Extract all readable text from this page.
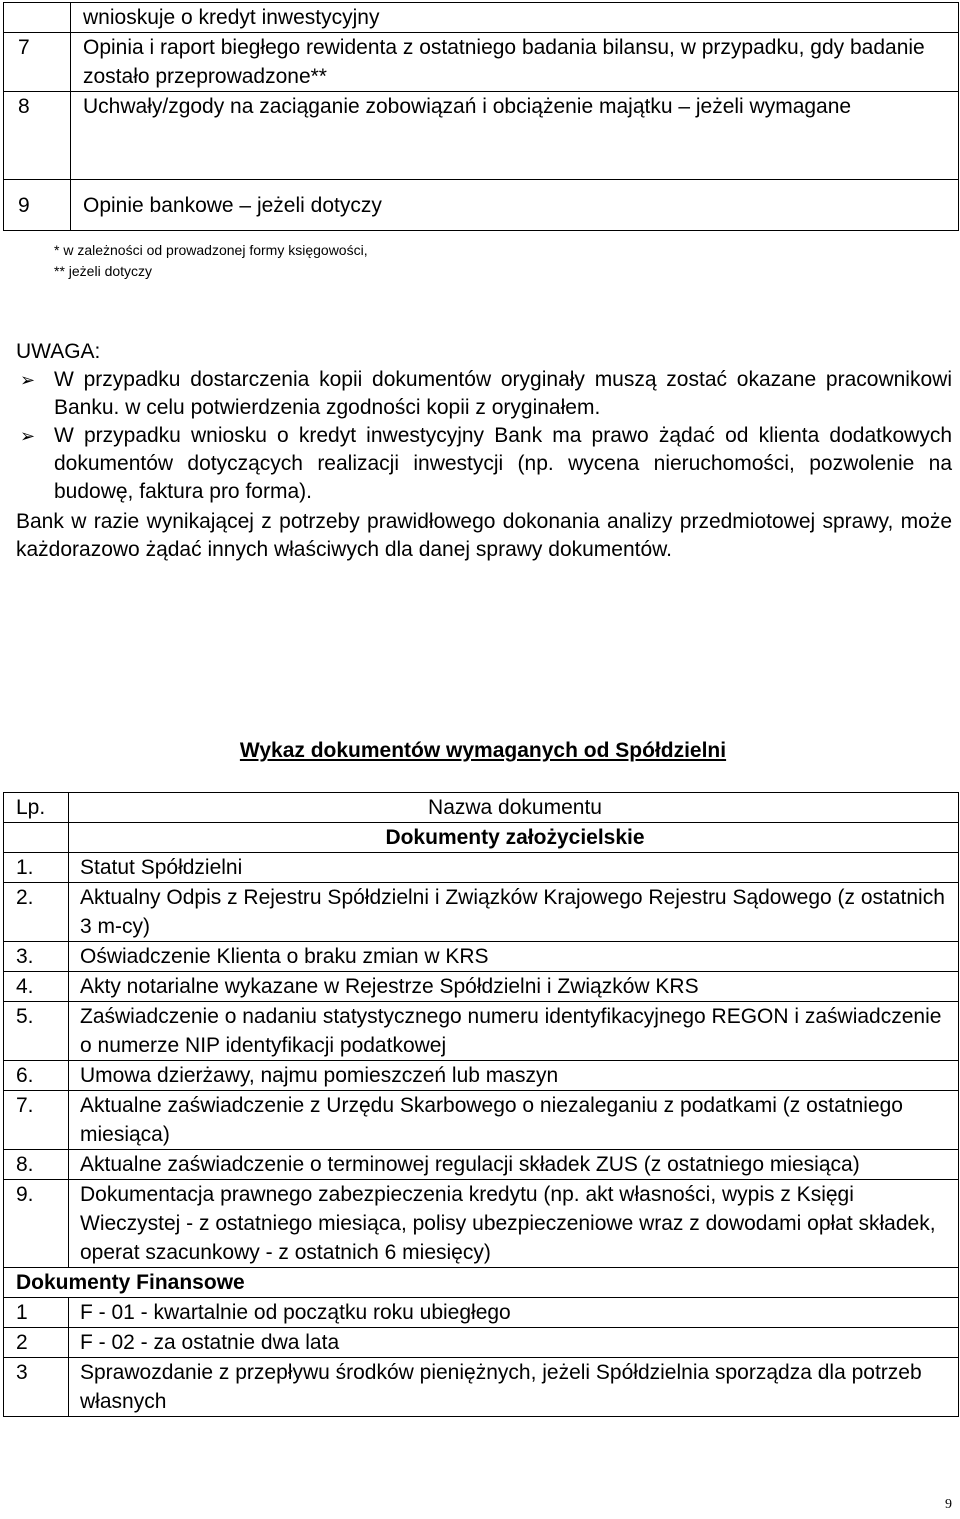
	wnioskuje o kredyt inwestycyjny
7	Opinia i raport biegłego rewidenta z ostatniego badania bilansu, w przypadku, gdy badanie zostało przeprowadzone**
8	Uchwały/zgody na zaciąganie zobowiązań i obciążenie majątku – jeżeli wymagane
9	Opinie bankowe – jeżeli dotyczy
* w zależności od prowadzonej formy księgowości,
** jeżeli dotyczy
UWAGA:
➢ W przypadku dostarczenia kopii dokumentów oryginały muszą zostać okazane pracownikowi Banku. w celu potwierdzenia zgodności kopii z oryginałem.
➢ W przypadku wniosku o kredyt inwestycyjny Bank ma prawo żądać od klienta dodatkowych dokumentów dotyczących realizacji inwestycji (np. wycena nieruchomości, pozwolenie na budowę, faktura pro forma).
Bank w razie wynikającej z potrzeby prawidłowego dokonania analizy przedmiotowej sprawy, może każdorazowo żądać innych właściwych dla danej sprawy dokumentów.
Wykaz dokumentów wymaganych od Spółdzielni
Lp.	Nazwa dokumentu
	Dokumenty założycielskie
1.	Statut Spółdzielni
2.	Aktualny Odpis z Rejestru Spółdzielni i Związków Krajowego Rejestru Sądowego (z ostatnich 3 m-cy)
3.	Oświadczenie Klienta o braku zmian w KRS
4.	Akty notarialne wykazane w Rejestrze Spółdzielni i Związków KRS
5.	Zaświadczenie o nadaniu statystycznego numeru identyfikacyjnego REGON i zaświadczenie o numerze NIP identyfikacji podatkowej
6.	Umowa dzierżawy, najmu pomieszczeń lub maszyn
7.	Aktualne zaświadczenie z Urzędu Skarbowego o niezaleganiu z podatkami (z ostatniego miesiąca)
8.	Aktualne zaświadczenie o terminowej regulacji składek ZUS (z ostatniego miesiąca)
9.	Dokumentacja prawnego zabezpieczenia kredytu (np. akt własności, wypis z Księgi Wieczystej - z ostatniego miesiąca, polisy ubezpieczeniowe wraz z dowodami opłat składek, operat szacunkowy - z ostatnich 6 miesięcy)
Dokumenty Finansowe	
1	F - 01 - kwartalnie od początku roku ubiegłego
2	F - 02 - za ostatnie dwa lata
3	Sprawozdanie z przepływu środków pieniężnych, jeżeli Spółdzielnia sporządza dla potrzeb własnych
9
